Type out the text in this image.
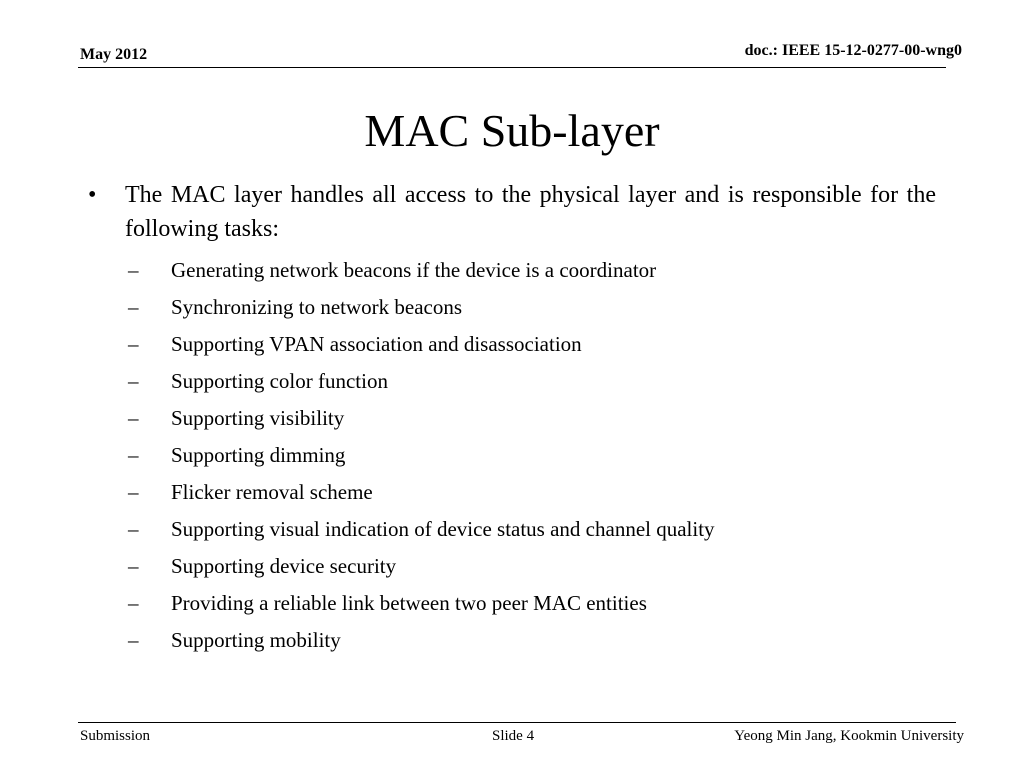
May 2012	doc.: IEEE 15-12-0277-00-wng0
MAC Sub-layer
• The MAC layer handles all access to the physical layer and is responsible for the following tasks:
– Generating network beacons if the device is a coordinator
– Synchronizing to network beacons
– Supporting VPAN association and disassociation
– Supporting color function
– Supporting visibility
– Supporting dimming
– Flicker removal scheme
– Supporting visual indication of device status and channel quality
– Supporting device security
– Providing a reliable link between two peer MAC entities
– Supporting mobility
Submission	Slide 4	Yeong Min Jang, Kookmin University
